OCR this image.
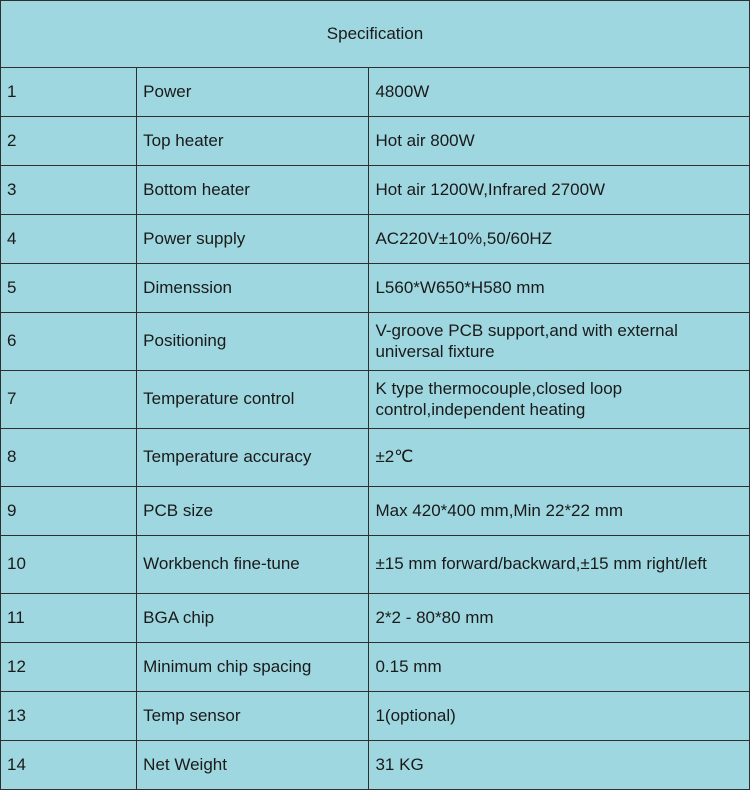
Specification		
1	Power	4800W
2	Top heater	Hot air 800W
3	Bottom heater	Hot air 1200W,Infrared 2700W
4	Power supply	AC220V±10%,50/60HZ
5	Dimenssion	L560*W650*H580 mm
6	Positioning	V-groove PCB support,and with external universal fixture
7	Temperature control	K type thermocouple,closed loop control,independent heating
8	Temperature accuracy	±2℃
9	PCB size	Max 420*400 mm,Min 22*22 mm
10	Workbench fine-tune	±15 mm forward/backward,±15 mm right/left
11	BGA chip	2*2 - 80*80 mm
12	Minimum chip spacing	0.15 mm
13	Temp sensor	1(optional)
14	Net Weight	31 KG
